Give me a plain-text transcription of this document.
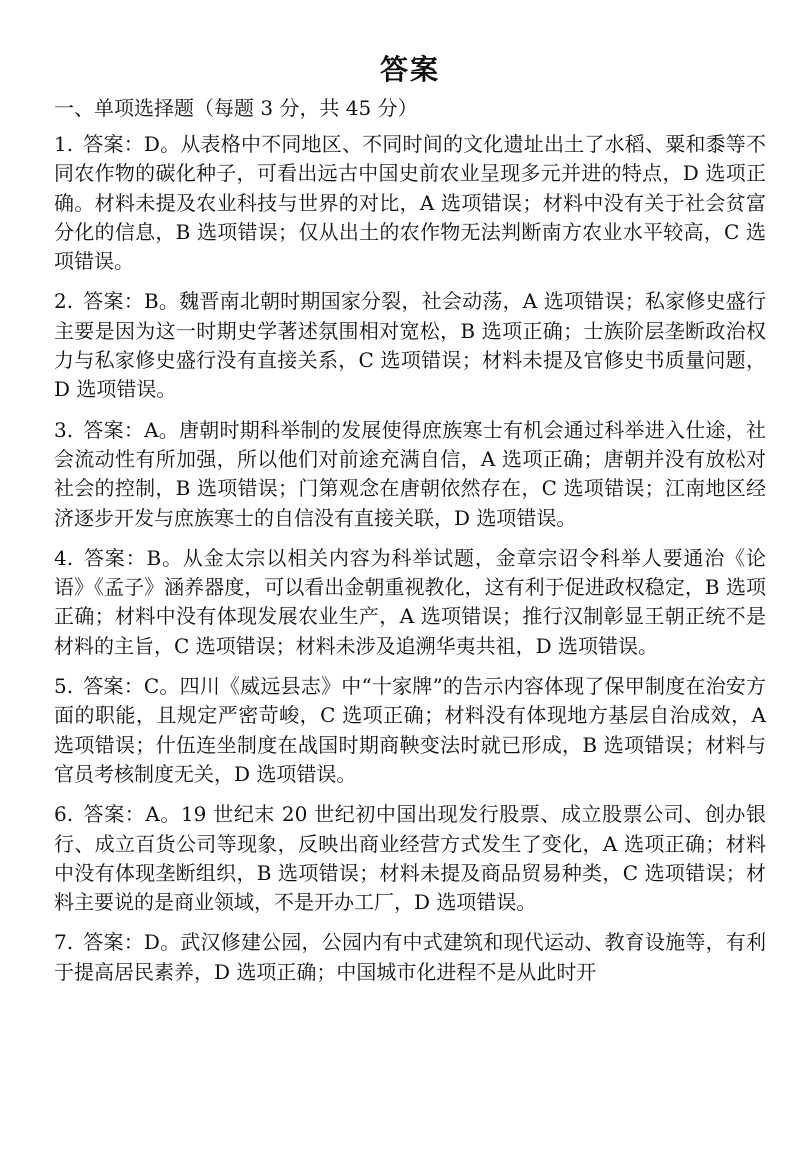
答案
一、单项选择题（每题 3 分，共 45 分）
1. 答案：D。从表格中不同地区、不同时间的文化遗址出土了水稻、粟和黍等不同农作物的碳化种子，可看出远古中国史前农业呈现多元并进的特点，D 选项正确。材料未提及农业科技与世界的对比，A 选项错误；材料中没有关于社会贫富分化的信息，B 选项错误；仅从出土的农作物无法判断南方农业水平较高，C 选项错误。
2. 答案：B。魏晋南北朝时期国家分裂，社会动荡，A 选项错误；私家修史盛行主要是因为这一时期史学著述氛围相对宽松，B 选项正确；士族阶层垄断政治权力与私家修史盛行没有直接关系，C 选项错误；材料未提及官修史书质量问题，D 选项错误。
3. 答案：A。唐朝时期科举制的发展使得庶族寒士有机会通过科举进入仕途，社会流动性有所加强，所以他们对前途充满自信，A 选项正确；唐朝并没有放松对社会的控制，B 选项错误；门第观念在唐朝依然存在，C 选项错误；江南地区经济逐步开发与庶族寒士的自信没有直接关联，D 选项错误。
4. 答案：B。从金太宗以相关内容为科举试题，金章宗诏令科举人要通治《论语》《孟子》涵养器度，可以看出金朝重视教化，这有利于促进政权稳定，B 选项正确；材料中没有体现发展农业生产，A 选项错误；推行汉制彰显王朝正统不是材料的主旨，C 选项错误；材料未涉及追溯华夷共祖，D 选项错误。
5. 答案：C。四川《威远县志》中“十家牌”的告示内容体现了保甲制度在治安方面的职能，且规定严密苛峻，C 选项正确；材料没有体现地方基层自治成效，A 选项错误；什伍连坐制度在战国时期商鞅变法时就已形成，B 选项错误；材料与官员考核制度无关，D 选项错误。
6. 答案：A。19 世纪末 20 世纪初中国出现发行股票、成立股票公司、创办银行、成立百货公司等现象，反映出商业经营方式发生了变化，A 选项正确；材料中没有体现垄断组织，B 选项错误；材料未提及商品贸易种类，C 选项错误；材料主要说的是商业领域，不是开办工厂，D 选项错误。
7. 答案：D。武汉修建公园，公园内有中式建筑和现代运动、教育设施等，有利于提高居民素养，D 选项正确；中国城市化进程不是从此时开
